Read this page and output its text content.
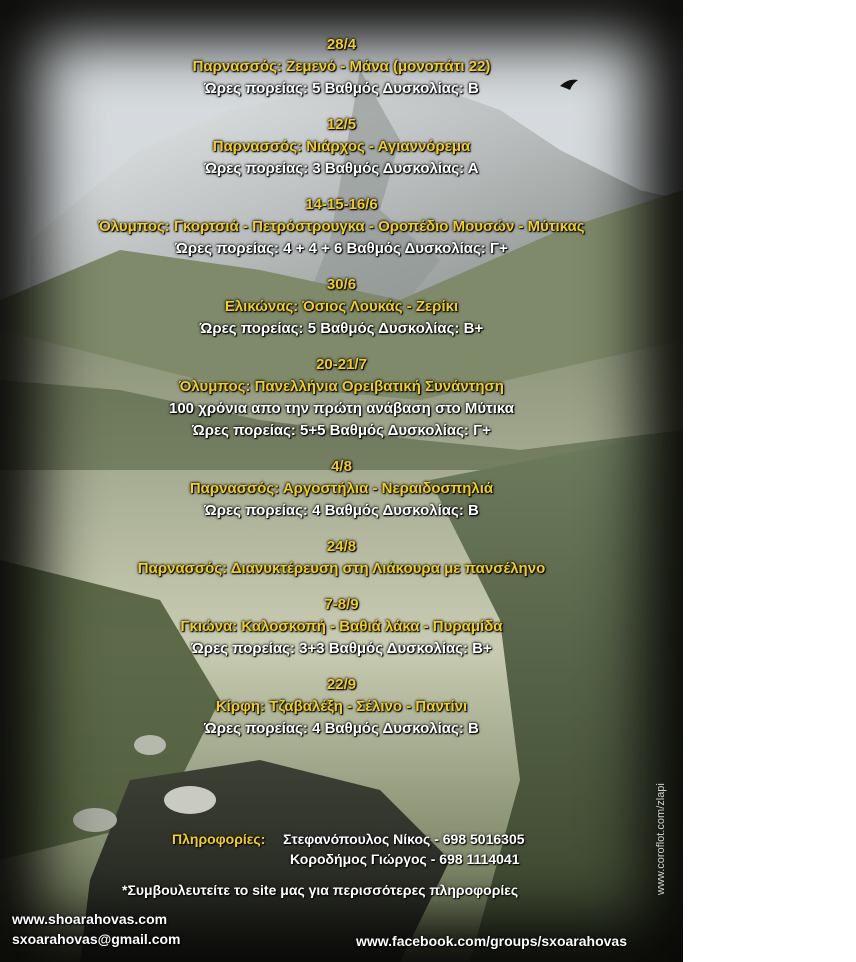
28/4
Παρνασσός: Ζεμενό - Μάνα (μονοπάτι 22)
Ώρες πορείας: 5 Βαθμός Δυσκολίας: Β
12/5
Παρνασσός: Νιάρχος - Αγιαννόρεμα
Ώρες πορείας: 3 Βαθμός Δυσκολίας: Α
14-15-16/6
Όλυμπος: Γκορτσιά - Πετρόστρουγκα - Οροπέδιο Μουσών - Μύτικας
Ώρες πορείας: 4 + 4 + 6 Βαθμός Δυσκολίας: Γ+
30/6
Ελικώνας: Όσιος Λουκάς - Ζερίκι
Ώρες πορείας: 5 Βαθμός Δυσκολίας: Β+
20-21/7
Όλυμπος: Πανελλήνια Ορειβατική Συνάντηση
100 χρόνια απο την πρώτη ανάβαση στο Μύτικα
Ώρες πορείας: 5+5 Βαθμός Δυσκολίας: Γ+
4/8
Παρνασσός: Αργοστήλια - Νεραιδοσπηλιά
Ώρες πορείας: 4 Βαθμός Δυσκολίας: Β
24/8
Παρνασσός: Διανυκτέρευση στη Λιάκουρα με πανσέληνο
7-8/9
Γκιώνα: Καλοσκοπή - Βαθιά λάκα - Πυραμίδα
Ώρες πορείας: 3+3 Βαθμός Δυσκολίας: Β+
22/9
Κίρφη: Τζαβαλέξη - Σέλινο - Παντίνι
Ώρες πορείας: 4 Βαθμός Δυσκολίας: Β
Πληροφορίες: Στεφανόπουλος Νίκος - 698 5016305
Κοροδήμος Γιώργος - 698 1114041
*Συμβουλευτείτε το site μας για περισσότερες πληροφορίες
www.shoarahovas.com
sxoarahovas@gmail.com	www.facebook.com/groups/sxoarahovas
www.coroflot.com/zlapi
